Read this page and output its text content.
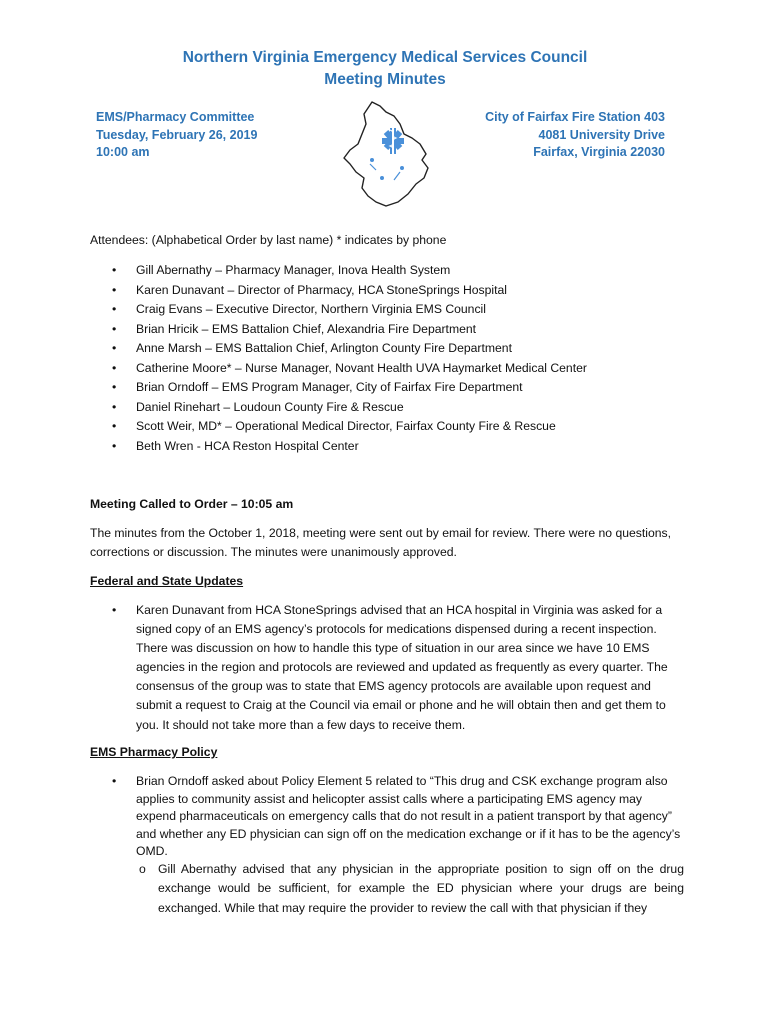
Northern Virginia Emergency Medical Services Council
Meeting Minutes
EMS/Pharmacy Committee
Tuesday, February 26, 2019
10:00 am
City of Fairfax Fire Station 403
4081 University Drive
Fairfax, Virginia 22030
Attendees: (Alphabetical Order by last name) * indicates by phone
• Gill Abernathy – Pharmacy Manager, Inova Health System
• Karen Dunavant – Director of Pharmacy, HCA StoneSprings Hospital
• Craig Evans – Executive Director, Northern Virginia EMS Council
• Brian Hricik – EMS Battalion Chief, Alexandria Fire Department
• Anne Marsh – EMS Battalion Chief, Arlington County Fire Department
• Catherine Moore* – Nurse Manager, Novant Health UVA Haymarket Medical Center
• Brian Orndoff – EMS Program Manager, City of Fairfax Fire Department
• Daniel Rinehart – Loudoun County Fire & Rescue
• Scott Weir, MD* – Operational Medical Director, Fairfax County Fire & Rescue
• Beth Wren - HCA Reston Hospital Center
Meeting Called to Order – 10:05 am
The minutes from the October 1, 2018, meeting were sent out by email for review. There were no questions, corrections or discussion. The minutes were unanimously approved.
Federal and State Updates
• Karen Dunavant from HCA StoneSprings advised that an HCA hospital in Virginia was asked for a signed copy of an EMS agency’s protocols for medications dispensed during a recent inspection. There was discussion on how to handle this type of situation in our area since we have 10 EMS agencies in the region and protocols are reviewed and updated as frequently as every quarter. The consensus of the group was to state that EMS agency protocols are available upon request and submit a request to Craig at the Council via email or phone and he will obtain then and get them to you. It should not take more than a few days to receive them.
EMS Pharmacy Policy
• Brian Orndoff asked about Policy Element 5 related to “This drug and CSK exchange program also applies to community assist and helicopter assist calls where a participating EMS agency may expend pharmaceuticals on emergency calls that do not result in a patient transport by that agency” and whether any ED physician can sign off on the medication exchange or if it has to be the agency’s OMD.
o Gill Abernathy advised that any physician in the appropriate position to sign off on the drug exchange would be sufficient, for example the ED physician where your drugs are being exchanged. While that may require the provider to review the call with that physician if they
